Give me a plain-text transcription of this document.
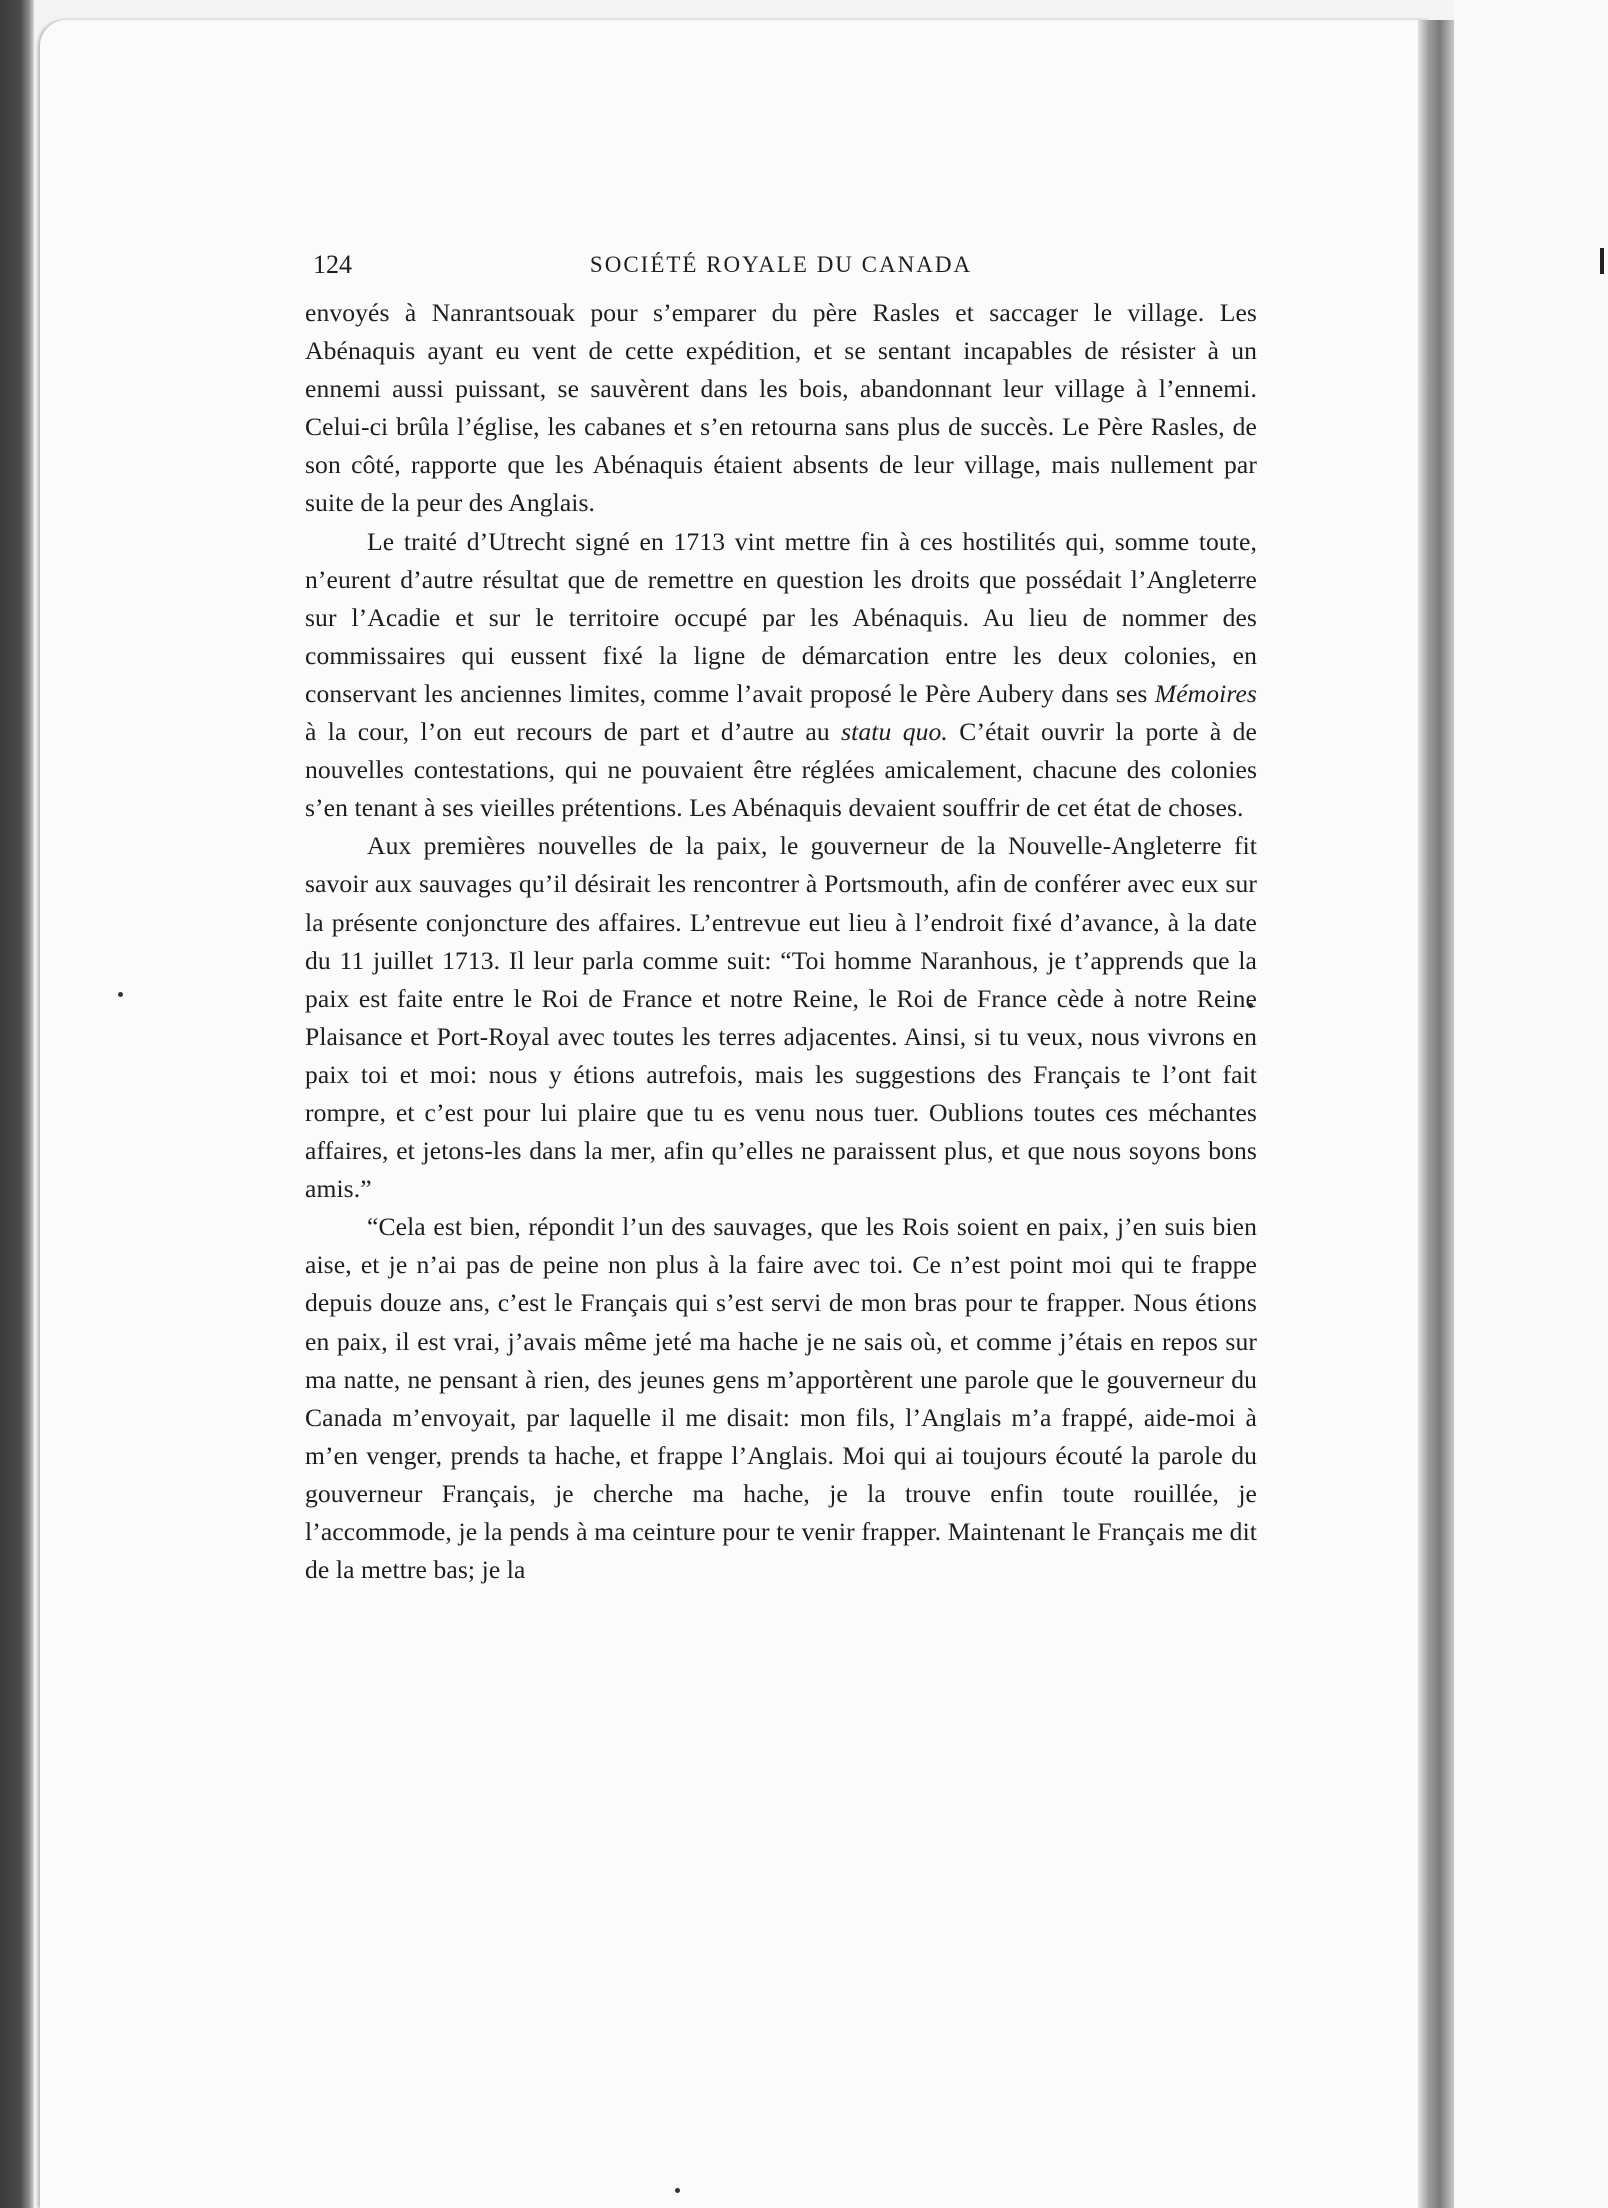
124	SOCIÉTÉ ROYALE DU CANADA

envoyés à Nanrantsouak pour s’emparer du père Rasles et saccager le village. Les Abénaquis ayant eu vent de cette expédition, et se sentant incapables de résister à un ennemi aussi puissant, se sauvèrent dans les bois, abandonnant leur village à l’ennemi. Celui-ci brûla l’église, les cabanes et s’en retourna sans plus de succès. Le Père Rasles, de son côté, rapporte que les Abénaquis étaient absents de leur village, mais nullement par suite de la peur des Anglais.

Le traité d’Utrecht signé en 1713 vint mettre fin à ces hostilités qui, somme toute, n’eurent d’autre résultat que de remettre en question les droits que possédait l’Angleterre sur l’Acadie et sur le territoire occupé par les Abénaquis. Au lieu de nommer des commissaires qui eussent fixé la ligne de démarcation entre les deux colonies, en conservant les anciennes limites, comme l’avait proposé le Père Aubery dans ses Mémoires à la cour, l’on eut recours de part et d’autre au statu quo. C’était ouvrir la porte à de nouvelles contestations, qui ne pouvaient être réglées amicalement, chacune des colonies s’en tenant à ses vieilles prétentions. Les Abénaquis devaient souffrir de cet état de choses.

Aux premières nouvelles de la paix, le gouverneur de la Nouvelle-Angleterre fit savoir aux sauvages qu’il désirait les rencontrer à Portsmouth, afin de conférer avec eux sur la présente conjoncture des affaires. L’entrevue eut lieu à l’endroit fixé d’avance, à la date du 11 juillet 1713. Il leur parla comme suit: “Toi homme Naranhous, je t’apprends que la paix est faite entre le Roi de France et notre Reine, le Roi de France cède à notre Reine Plaisance et Port-Royal avec toutes les terres adjacentes. Ainsi, si tu veux, nous vivrons en paix toi et moi: nous y étions autrefois, mais les suggestions des Français te l’ont fait rompre, et c’est pour lui plaire que tu es venu nous tuer. Oublions toutes ces méchantes affaires, et jetons-les dans la mer, afin qu’elles ne paraissent plus, et que nous soyons bons amis.”

“Cela est bien, répondit l’un des sauvages, que les Rois soient en paix, j’en suis bien aise, et je n’ai pas de peine non plus à la faire avec toi. Ce n’est point moi qui te frappe depuis douze ans, c’est le Français qui s’est servi de mon bras pour te frapper. Nous étions en paix, il est vrai, j’avais même jeté ma hache je ne sais où, et comme j’étais en repos sur ma natte, ne pensant à rien, des jeunes gens m’apportèrent une parole que le gouverneur du Canada m’envoyait, par laquelle il me disait: mon fils, l’Anglais m’a frappé, aide-moi à m’en venger, prends ta hache, et frappe l’Anglais. Moi qui ai toujours écouté la parole du gouverneur Français, je cherche ma hache, je la trouve enfin toute rouillée, je l’accommode, je la pends à ma ceinture pour te venir frapper. Maintenant le Français me dit de la mettre bas; je la
